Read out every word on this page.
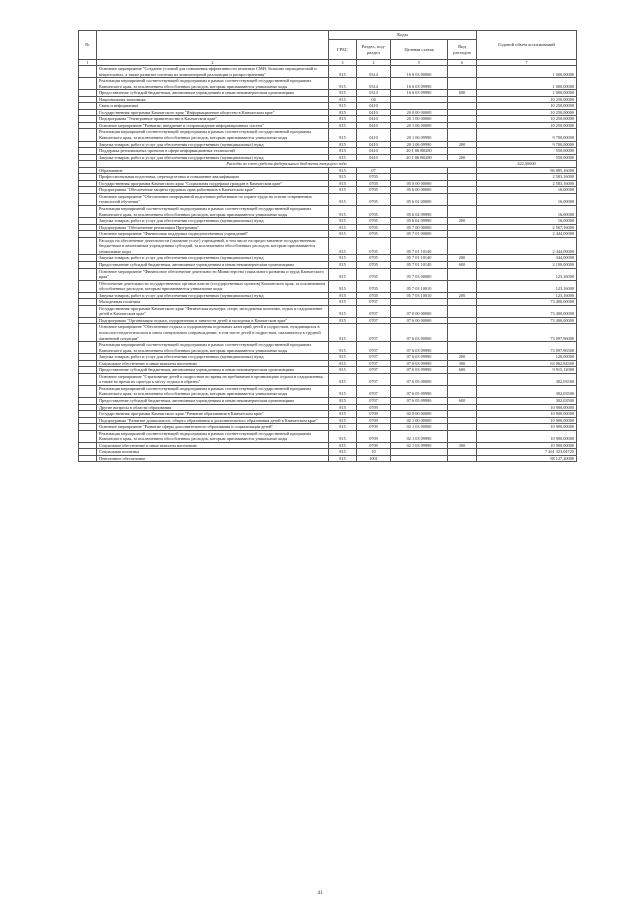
№		Коды				Годовой объем ассигнований
		ГРБС	Раздел, под-раздел	Целевая статья	Вид расходов	
1	2	3	4	5	6	7
	Основное мероприятие "Создание условий для повышения эффективности печатных СМИ, больших периодический и вещательных, а также развитие системы их компьютерной реализации и распространения"	815	0314	16 6 03 00000		1 000,00000
	Реализация мероприятий соответствующей подпрограммы в рамках соответствующей государственной программы Камчатского края, за исключением обособленных расходов, которым присваиваются уникальные коды	815	0314	16 6 03 09990		1 000,00000
	Предоставление субсидий бюджетным, автономным учреждениям и иным некоммерческим организациям	815	0314	16 6 03 09990	600	1 000,00000
	Национальная экономика	815	04			10 250,00000
	Связь и информатика	815	0410			10 250,00000
	Государственная программа Камчатского края "Информационное общество в Камчатском крае"	815	0410	20 0 00 00000		10 250,00000
	Подпрограмма "Электронное правительство в Камчатском крае"	815	0410	20 1 00 00000		10 250,00000
	Основное мероприятие "Развитие, внедрение и сопровождение информационных систем"	815	0410	20 1 06 00000		10 250,00000
	Реализация мероприятий соответствующей подпрограммы в рамках соответствующей государственной программы Камчатского края, за исключением обособленных расходов, которым присваиваются уникальные коды	815	0410	20 1 06 09990		9 700,00000
	Закупка товаров, работ и услуг для обеспечения государственных (муниципальных) нужд	815	0410	20 1 06 09990	200	9 700,00000
	Поддержка региональных проектов в сфере информационных технологий	815	0410	20 1 06 R0280		550,00000
	Закупка товаров, работ и услуг для обеспечения государственных (муниципальных) нужд	815	0410	20 1 06 R0280	200	550,00000
	Расходы за счет средств федерального бюджета текущего года					522,50000
	Образование	815	07			86 885,16000
	Профессиональная подготовка, переподготовка и повышение квалификации	815	0705			2 583,16000
	Государственная программа Камчатского края "Социальная поддержка граждан в Камчатском крае"	815	0705	05 0 00 00000		2 583,16000
	Подпрограмма "Обеспечение защиты трудовых прав работников в Камчатском крае"	815	0705	05 6 00 00000		16,00000
	Основное мероприятие "Обеспечение непрерывной подготовки работников по охране труда на основе современных технологий обучения"	815	0705	05 6 02 00000		16,00000
	Реализация мероприятий соответствующей подпрограммы в рамках соответствующей государственной программы Камчатского края, за исключением обособленных расходов, которым присваиваются уникальные коды	815	0705	05 6 02 09990		16,00000
	Закупка товаров, работ и услуг для обеспечения государственных (муниципальных) нужд	815	0705	05 6 02 09990	200	16,00000
	Подпрограмма "Обеспечение реализации Программы"	815	0705	05 7 00 00000		2 567,16000
	Основное мероприятие "Финансовая поддержка подведомственных учреждений"	815	0705	05 7 01 00000		2 444,00000
	Расходы на обеспечение деятельности (оказание услуг) учреждений, в том числе на предоставление государственным бюджетным и автономным учреждениям субсидий, за исключением обособленных расходов, которым присваиваются уникальные коды	815	0705	05 7 01 10140		2 444,00000
	Закупка товаров, работ и услуг для обеспечения государственных (муниципальных) нужд	815	0705	05 7 01 10140	200	344,00000
	Предоставление субсидий бюджетным, автономным учреждениям и иным некоммерческим организациям	815	0705	05 7 01 10140	600	2 100,00000
	Основное мероприятие "Финансовое обеспечение деятельности Министерства социального развития и труда Камчатского края"	815	0705	05 7 03 00000		123,16000
	Обеспечение деятельности государственных органов власти (государственных органов) Камчатского края, за исключением обособленных расходов, которым присваиваются уникальные коды	815	0705	05 7 03 10010		123,16000
	Закупка товаров, работ и услуг для обеспечения государственных (муниципальных) нужд	815	0705	05 7 03 10010	200	123,16000
	Молодежная политика	815	0707			73 400,00000
	Государственная программа Камчатского края "Физическая культура, спорт, молодежная политика, отдых и оздоровление детей в Камчатском крае"	815	0707	07 0 00 00000		73 400,00000
	Подпрограмма "Организация отдыха, оздоровления и занятости детей и молодежи в Камчатском крае"	815	0707	07 6 00 00000		73 400,00000
	Основное мероприятие "Обеспечение отдыха и оздоровления отдельных категорий детей и подростков, нуждающихся в психолого-педагогическом и ином специальном сопровождении, в том числе детей и подростков, оказавшихся в трудной жизненной ситуации"	815	0707	07 6 03 00000		73 097,96000
	Реализация мероприятий соответствующей подпрограммы в рамках соответствующей государственной программы Камчатского края, за исключением обособленных расходов, которым присваиваются уникальные коды	815	0707	07 6 03 09990		73 097,96500
	Закупка товаров, работ и услуг для обеспечения государственных (муниципальных) нужд	815	0707	07 6 03 09990	200	128,00000
	Социальное обеспечение и иные выплаты населению	815	0707	07 6 03 09990	300	63 062,84500
	Предоставление субсидий бюджетным, автономным учреждениям и иным некоммерческим организациям	815	0707	07 6 03 09990	600	9 915,12000
	Основное мероприятие "Страхование детей и подростков во время их пребывания в организациях отдыха и оздоровления, а также во время их проезда к месту отдыха и обратно"	815	0707	07 6 05 00000		302,03500
	Реализация мероприятий соответствующей подпрограммы в рамках соответствующей государственной программы Камчатского края, за исключением обособленных расходов, которым присваиваются уникальные коды	815	0707	07 6 05 09990		302,03500
	Предоставление субсидий бюджетным, автономным учреждениям и иным некоммерческим организациям	815	0707	07 6 05 09990	600	302,03500
	Другие вопросы в области образования	815	0709			10 900,00000
	Государственная программа Камчатского края "Развитие образования в Камчатском крае"	815	0709	02 0 00 00000		10 900,00000
	Подпрограмма "Развитие дошкольного, общего образования и дополнительного образования детей в Камчатском крае"	815	0709	02 1 00 00000		10 900,00000
	Основное мероприятие "Развитие сферы дополнительного образования и социализации детей"	815	0709	02 1 03 00000		10 900,00000
	Реализация мероприятий соответствующей подпрограммы в рамках соответствующей государственной программы Камчатского края, за исключением обособленных расходов, которым присваиваются уникальные коды	815	0709	02 1 03 09990		10 900,00000
	Социальное обеспечение и иные выплаты населению	815	0709	02 1 03 09990	300	10 900,00000
	Социальная политика	815	10			7 261 323,04725
	Пенсионное обеспечение	815	1001			88 127,20000
41
